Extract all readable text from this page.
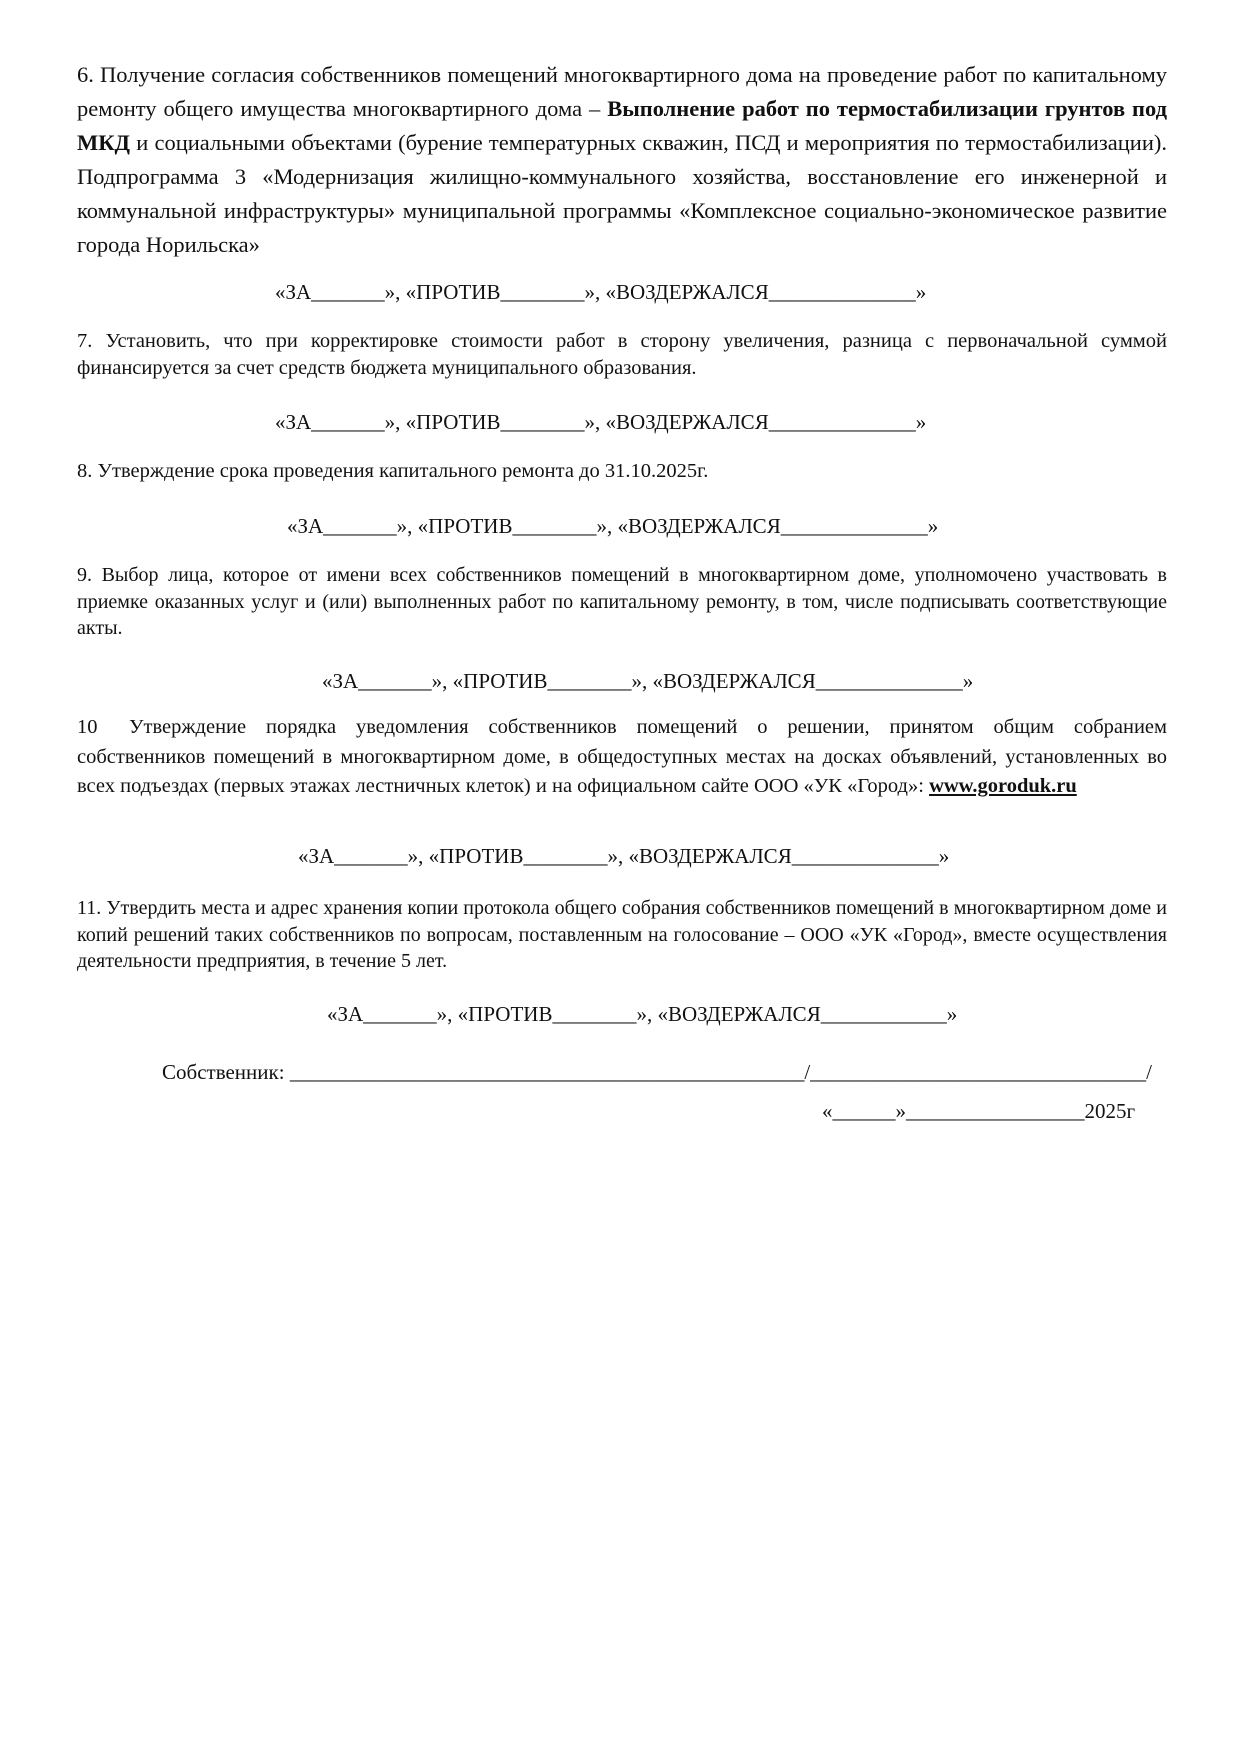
6. Получение согласия собственников помещений многоквартирного дома на проведение работ по капитальному ремонту общего имущества многоквартирного дома – Выполнение работ по термостабилизации грунтов под МКД и социальными объектами (бурение температурных скважин, ПСД и мероприятия по термостабилизации). Подпрограмма 3 «Модернизация жилищно-коммунального хозяйства, восстановление его инженерной и коммунальной инфраструктуры» муниципальной программы «Комплексное социально-экономическое развитие города Норильска»

«ЗА_______», «ПРОТИВ________», «ВОЗДЕРЖАЛСЯ______________»

7. Установить, что при корректировке стоимости работ в сторону увеличения, разница с первоначальной суммой финансируется за счет средств бюджета муниципального образования.

«ЗА_______», «ПРОТИВ________», «ВОЗДЕРЖАЛСЯ______________»

8. Утверждение срока проведения капитального ремонта до 31.10.2025г.

«ЗА_______», «ПРОТИВ________», «ВОЗДЕРЖАЛСЯ______________»

9. Выбор лица, которое от имени всех собственников помещений в многоквартирном доме, уполномочено участвовать в приемке оказанных услуг и (или) выполненных работ по капитальному ремонту, в том, числе подписывать соответствующие акты.

«ЗА_______», «ПРОТИВ________», «ВОЗДЕРЖАЛСЯ______________»

10 Утверждение порядка уведомления собственников помещений о решении, принятом общим собранием собственников помещений в многоквартирном доме, в общедоступных местах на досках объявлений, установленных во всех подъездах (первых этажах лестничных клеток) и на официальном сайте ООО «УК «Город»: www.goroduk.ru

«ЗА_______», «ПРОТИВ________», «ВОЗДЕРЖАЛСЯ______________»

11. Утвердить места и адрес хранения копии протокола общего собрания собственников помещений в многоквартирном доме и копий решений таких собственников по вопросам, поставленным на голосование – ООО «УК «Город», вместе осуществления деятельности предприятия, в течение 5 лет.

«ЗА_______», «ПРОТИВ________», «ВОЗДЕРЖАЛСЯ____________»
Собственник: _________________________________________________/________________________________/
«______»_________________2025г
